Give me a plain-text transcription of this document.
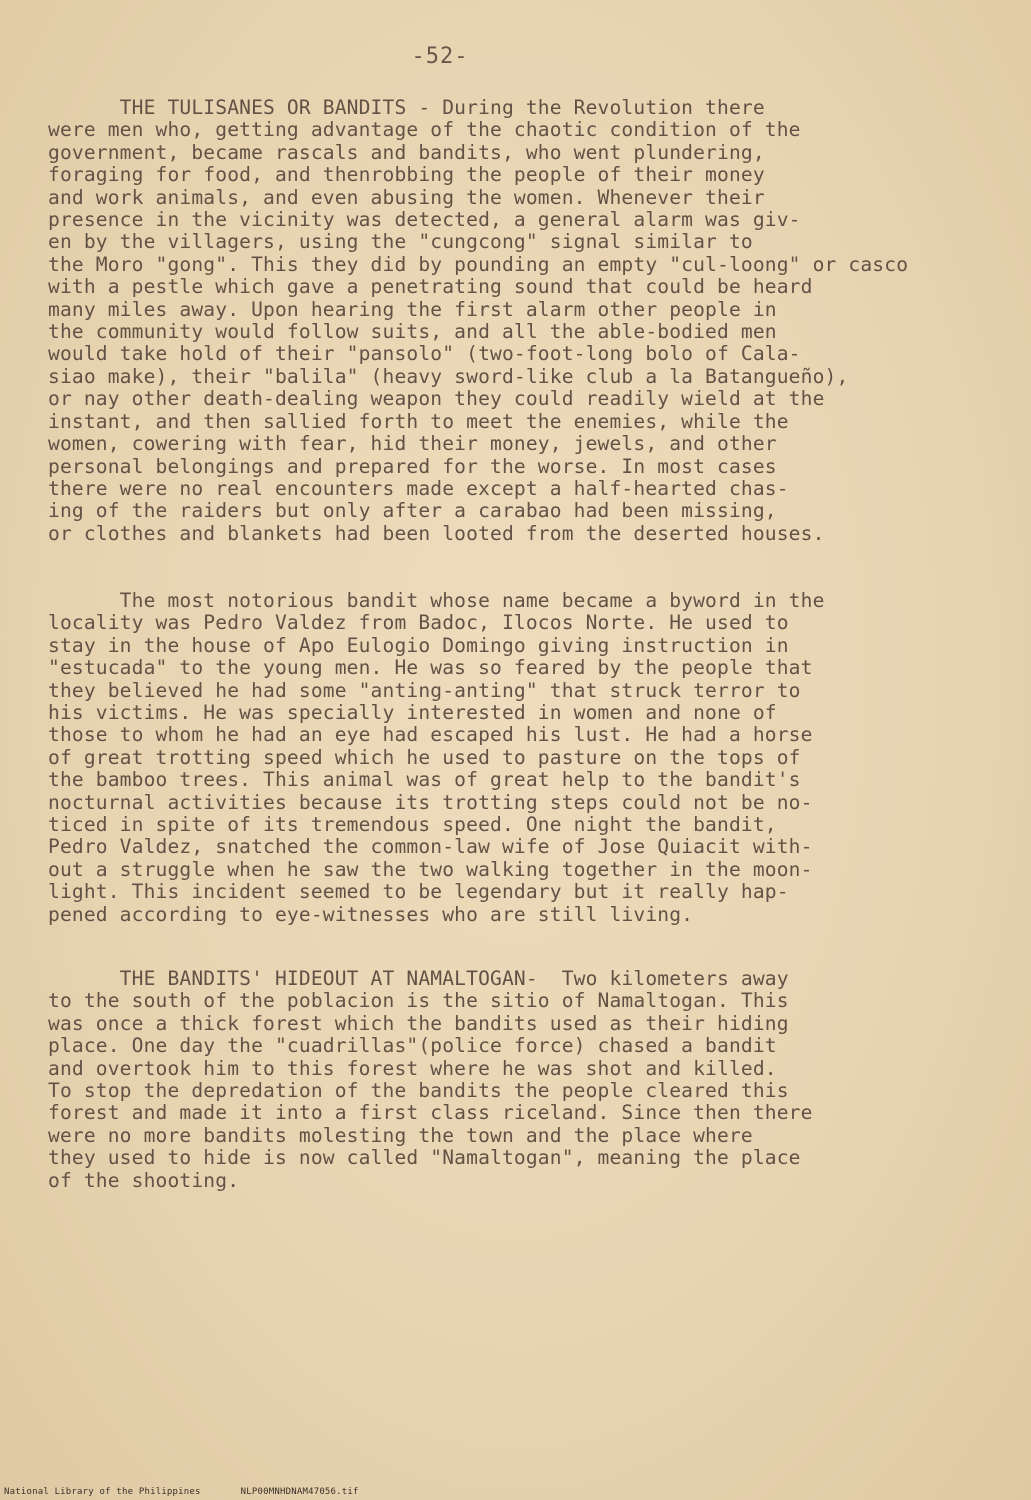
-52-
THE TULISANES OR BANDITS - During the Revolution there
were men who, getting advantage of the chaotic condition of the
government, became rascals and bandits, who went plundering,
foraging for food, and thenrobbing the people of their money
and work animals, and even abusing the women. Whenever their
presence in the vicinity was detected, a general alarm was giv-
en by the villagers, using the "cungcong" signal similar to
the Moro "gong". This they did by pounding an empty "cul-loong" or casco
with a pestle which gave a penetrating sound that could be heard
many miles away. Upon hearing the first alarm other people in
the community would follow suits, and all the able-bodied men
would take hold of their "pansolo" (two-foot-long bolo of Cala-
siao make), their "balila" (heavy sword-like club a la Batangueño),
or nay other death-dealing weapon they could readily wield at the
instant, and then sallied forth to meet the enemies, while the
women, cowering with fear, hid their money, jewels, and other
personal belongings and prepared for the worse. In most cases
there were no real encounters made except a half-hearted chas-
ing of the raiders but only after a carabao had been missing,
or clothes and blankets had been looted from the deserted houses.
The most notorious bandit whose name became a byword in the
locality was Pedro Valdez from Badoc, Ilocos Norte. He used to
stay in the house of Apo Eulogio Domingo giving instruction in
"estucada" to the young men. He was so feared by the people that
they believed he had some "anting-anting" that struck terror to
his victims. He was specially interested in women and none of
those to whom he had an eye had escaped his lust. He had a horse
of great trotting speed which he used to pasture on the tops of
the bamboo trees. This animal was of great help to the bandit's
nocturnal activities because its trotting steps could not be no-
ticed in spite of its tremendous speed. One night the bandit,
Pedro Valdez, snatched the common-law wife of Jose Quiacit with-
out a struggle when he saw the two walking together in the moon-
light. This incident seemed to be legendary but it really hap-
pened according to eye-witnesses who are still living.
THE BANDITS' HIDEOUT AT NAMALTOGAN-  Two kilometers away
to the south of the poblacion is the sitio of Namaltogan. This
was once a thick forest which the bandits used as their hiding
place. One day the "cuadrillas"(police force) chased a bandit
and overtook him to this forest where he was shot and killed.
To stop the depredation of the bandits the people cleared this
forest and made it into a first class riceland. Since then there
were no more bandits molesting the town and the place where
they used to hide is now called "Namaltogan", meaning the place
of the shooting.
National Library of the Philippines	NLP00MNHDNAM47056.tif
